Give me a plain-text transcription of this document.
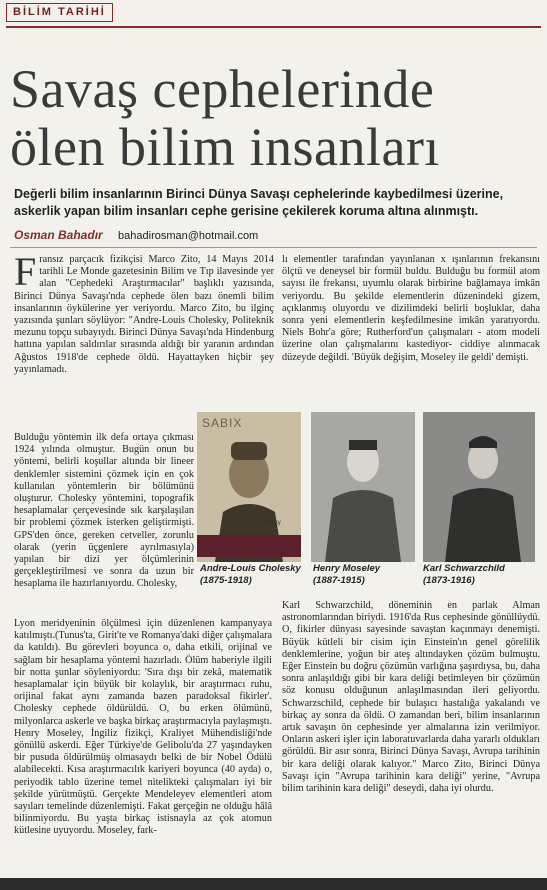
BİLİM TARİHİ
Savaş cephelerinde ölen bilim insanları
Değerli bilim insanlarının Birinci Dünya Savaşı cephelerinde kaybedilmesi üzerine, askerlik yapan bilim insanları cephe gerisine çekilerek koruma altına alınmıştı.
Osman Bahadır bahadirosman@hotmail.com
F ransız parçacık fizikçisi Marco Zito, 14 Mayıs 2014 tarihli Le Monde gazetesinin Bilim ve Tıp ilavesinde yer alan "Cephedeki Araştırmacılar" başlıklı yazısında, Birinci Dünya Savaşı'nda cephede ölen bazı önemli bilim insanlarının öykülerine yer veriyordu. Marco Zito, bu ilginç yazısında şunları söylüyor: "Andre-Louis Cholesky, Politeknik mezunu topçu subayıydı. Birinci Dünya Savaşı'nda Hindenburg hattına yapılan saldırılar sırasında aldığı bir yaranın ardından Ağustos 1918'de cephede öldü. Hayattayken hiçbir şey yayınlamadı.
Bulduğu yöntemin ilk defa ortaya çıkması 1924 yılında olmuştur. Bugün onun bu yöntemi, belirli koşullar altında bir lineer denklemler sistemini çözmek için en çok kullanılan yöntemlerin bir bölümünü oluşturur. Cholesky yöntemini, topografik hesaplamalar çerçevesinde sık karşılaşılan bir problemi çözmek isterken geliştirmişti. GPS'den önce, gereken cetveller, zorunlu olarak (yerin üçgenlere ayrılmasıyla) yapılan bir dizi yer ölçümlerinin gerçekleştirilmesi ve sonra da uzun bir hesaplama ile hazırlanıyordu. Cholesky,
Lyon meridyeninin ölçülmesi için düzenlenen kampanyaya katılmıştı.(Tunus'ta, Girit'te ve Romanya'daki diğer çalışmalara da katıldı). Bu görevleri boyunca o, daha etkili, orijinal ve sağlam bir hesaplama yöntemi hazırladı. Ölüm haberiyle ilgili bir notta şunlar söyleniyordu: 'Sıra dışı bir zekâ, matematik hesaplamalar için büyük bir kolaylık, bir araştırmacı ruhu, orijinal fakat aynı zamanda bazen paradoksal fikirler'. Cholesky cephede öldürüldü. O, bu erken ölümünü, milyonlarca askerle ve başka birkaç araştırmacıyla paylaşmıştı. Henry Moseley, İngiliz fizikçi, Kraliyet Mühendisliği'nde gönüllü askerdi. Eğer Türkiye'de Gelibolu'da 27 yaşındayken bir pusuda öldürülmüş olmasaydı belki de bir Nobel Ödülü alabilecekti. Kısa araştırmacılık kariyeri boyunca (40 ayda) o, periyodik tablo üzerine temel nitelikteki çalışmaları iyi bir şekilde yürütmüştü. Gerçekte Mendeleyev elementleri atom sayıları temelinde düzenlemişti. Fakat gerçeğin ne olduğu hâlâ bilinmiyordu. Bu yaşta birkaç istisnayla az çok atomun kütlesine uyuyordu. Moseley, fark-
lı elementler tarafından yayınlanan x ışınlarının frekansını ölçtü ve deneysel bir formül buldu. Bulduğu bu formül atom sayısı ile frekansı, uyumlu olarak birbirine bağlamaya imkân veriyordu. Bu şekilde elementlerin düzenindeki gizem, açıklanmış oluyordu ve dizilimdeki belirli boşluklar, daha sonra yeni elementlerin keşfedilmesine imkân yaratıyordu. Niels Bohr'a göre; Rutherford'un çalışmaları - atom modeli üzerine olan çalışmalarını kastediyor- ciddiye alınmacak düzeyde değildi. 'Büyük değişim, Moseley ile geldi' demişti.
Karl Schwarzchild, döneminin en parlak Alman astronomlarından biriydi. 1916'da Rus cephesinde gönüllüydü. O, fikirler dünyası sayesinde savaştan kaçınmayı denemişti. Büyük kütleli bir cisim için Einstein'ın genel görelilik denklemlerine, yoğun bir ateş altındayken çözüm bulmuştu. Eğer Einstein bu doğru çözümün varlığına şaşırdıysa, bu, daha sonra anlaşıldığı gibi bir kara deliği betimleyen bir çözümün söz konusu olduğunun anlaşılmasından ileri geliyordu. Schwarzschild, cephede bir bulaşıcı hastalığa yakalandı ve birkaç ay sonra da öldü. O zamandan beri, bilim insanlarının artık savaşın ön cephesinde yer almalarına izin verilmiyor. Onların askeri işler için laboratuvarlarda daha yararlı oldukları görüldü. Bir asır sonra, Birinci Dünya Savaşı, Avrupa tarihinin bir kara deliği olarak kalıyor." Marco Zito, Birinci Dünya Savaşı için "Avrupa tarihinin kara deliği" yerine, "Avrupa bilim tarihinin kara deliği" deseydi, daha iyi olurdu.
SABIX
André-Louis Cholesky
Andre-Louis Cholesky
(1875-1918)
Henry Moseley
(1887-1915)
Karl Schwarzchild
(1873-1916)
